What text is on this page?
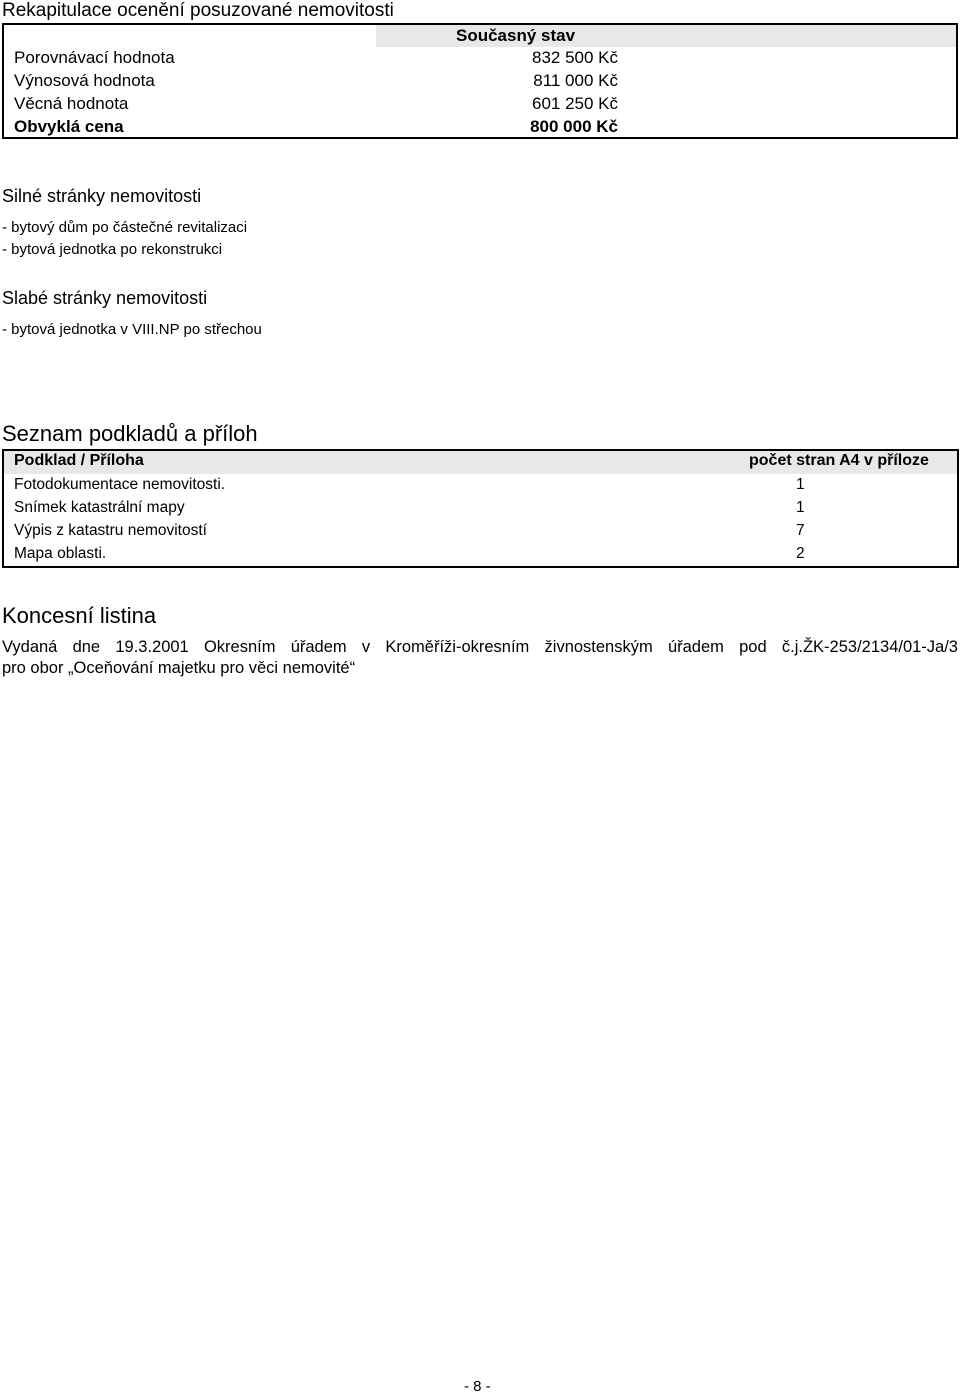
Rekapitulace ocenění posuzované nemovitosti
Současný stav
Porovnávací hodnota	832 500 Kč
Výnosová hodnota	811 000 Kč
Věcná hodnota	601 250 Kč
Obvyklá cena	800 000 Kč
Silné stránky nemovitosti
- bytový dům po částečné revitalizaci
- bytová jednotka po rekonstrukci
Slabé stránky nemovitosti
- bytová jednotka v VIII.NP po střechou
Seznam podkladů a příloh
Podklad / Příloha	počet stran A4 v příloze
Fotodokumentace nemovitosti.	1
Snímek katastrální mapy	1
Výpis z katastru nemovitostí	7
Mapa oblasti.	2
Koncesní listina
Vydaná dne 19.3.2001 Okresním úřadem v Kroměříži-okresním živnostenským úřadem pod č.j.ŽK-253/2134/01-Ja/3
pro obor „Oceňování majetku pro věci nemovité“
- 8 -
